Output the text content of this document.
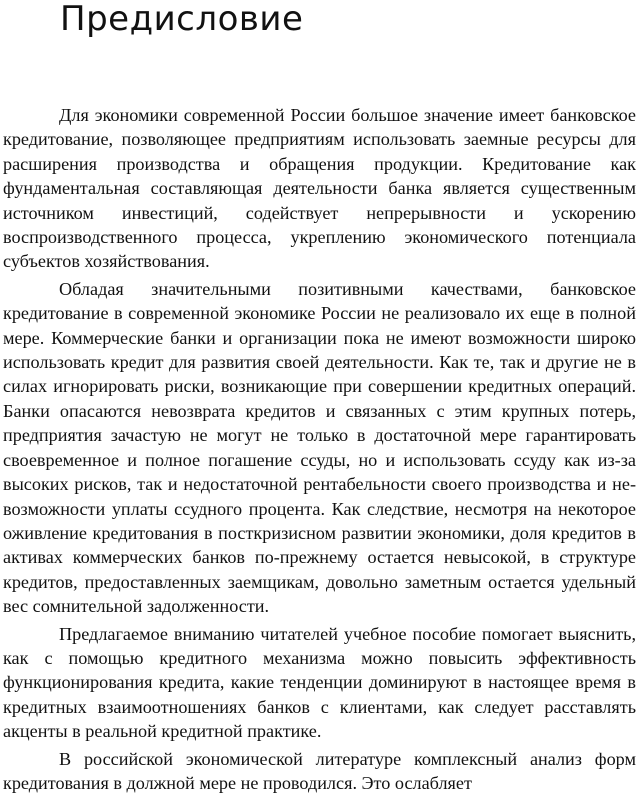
Предисловие

Для экономики современной России большое значение имеет банковское кредитование, позволяющее предприятиям использовать заемные ресурсы для расширения производства и обращения продукции. Кредитование как фундаментальная составляющая деятельности банка является существенным источником инвестиций, содействует непрерывности и ускорению воспроизводственного процесса, укреплению экономического потенциала субъектов хозяйствования.

Обладая значительными позитивными качествами, банковское кредитование в современной экономике России не реализовало их еще в полной мере. Коммерческие банки и организации пока не имеют возможности широко использовать кредит для развития своей деятельности. Как те, так и другие не в силах игнорировать риски, возникающие при совершении кредитных операций. Банки опасаются невозврата кредитов и связанных с этим крупных потерь, предприятия зачастую не могут не только в достаточной мере гарантировать своевременное и полное погашение ссуды, но и использовать ссуду как из-за высоких рисков, так и недостаточной рентабельности своего производства и невозможности уплаты ссудного процента. Как следствие, несмотря на некоторое оживление кредитования в посткризисном развитии экономики, доля кредитов в активах коммерческих банков по-прежнему остается невысокой, в структуре кредитов, предоставленных заемщикам, довольно заметным остается удельный вес сомнительной задолженности.

Предлагаемое вниманию читателей учебное пособие помогает выяснить, как с помощью кредитного механизма можно повысить эффективность функционирования кредита, какие тенденции доминируют в настоящее время в кредитных взаимоотношениях банков с клиентами, как следует расставлять акценты в реальной кредитной практике.

В российской экономической литературе комплексный анализ форм кредитования в должной мере не проводился. Это ослабляет
